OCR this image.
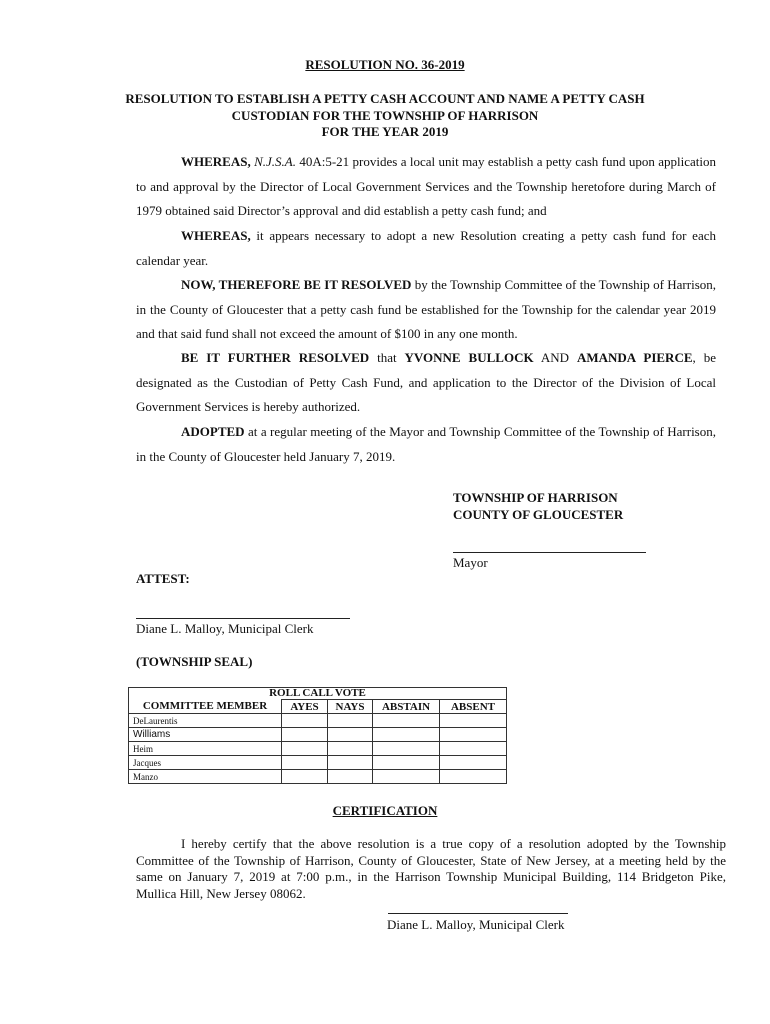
RESOLUTION NO. 36-2019
RESOLUTION TO ESTABLISH A PETTY CASH ACCOUNT AND NAME A PETTY CASH
CUSTODIAN FOR THE TOWNSHIP OF HARRISON
FOR THE YEAR 2019
WHEREAS, N.J.S.A. 40A:5-21 provides a local unit may establish a petty cash fund upon application to and approval by the Director of Local Government Services and the Township heretofore during March of 1979 obtained said Director’s approval and did establish a petty cash fund; and
WHEREAS, it appears necessary to adopt a new Resolution creating a petty cash fund for each calendar year.
NOW, THEREFORE BE IT RESOLVED by the Township Committee of the Township of Harrison, in the County of Gloucester that a petty cash fund be established for the Township for the calendar year 2019 and that said fund shall not exceed the amount of $100 in any one month.
BE IT FURTHER RESOLVED that YVONNE BULLOCK AND AMANDA PIERCE, be designated as the Custodian of Petty Cash Fund, and application to the Director of the Division of Local Government Services is hereby authorized.
ADOPTED at a regular meeting of the Mayor and Township Committee of the Township of Harrison, in the County of Gloucester held January 7, 2019.
TOWNSHIP OF HARRISON
COUNTY OF GLOUCESTER
Mayor
ATTEST:
Diane L. Malloy, Municipal Clerk
(TOWNSHIP SEAL)
ROLL CALL VOTE				
COMMITTEE MEMBER	AYES	NAYS	ABSTAIN	ABSENT
DeLaurentis				
Williams				
Heim				
Jacques				
Manzo				
CERTIFICATION
I hereby certify that the above resolution is a true copy of a resolution adopted by the Township Committee of the Township of Harrison, County of Gloucester, State of New Jersey, at a meeting held by the same on January 7, 2019 at 7:00 p.m., in the Harrison Township Municipal Building, 114 Bridgeton Pike, Mullica Hill, New Jersey 08062.
Diane L. Malloy, Municipal Clerk
